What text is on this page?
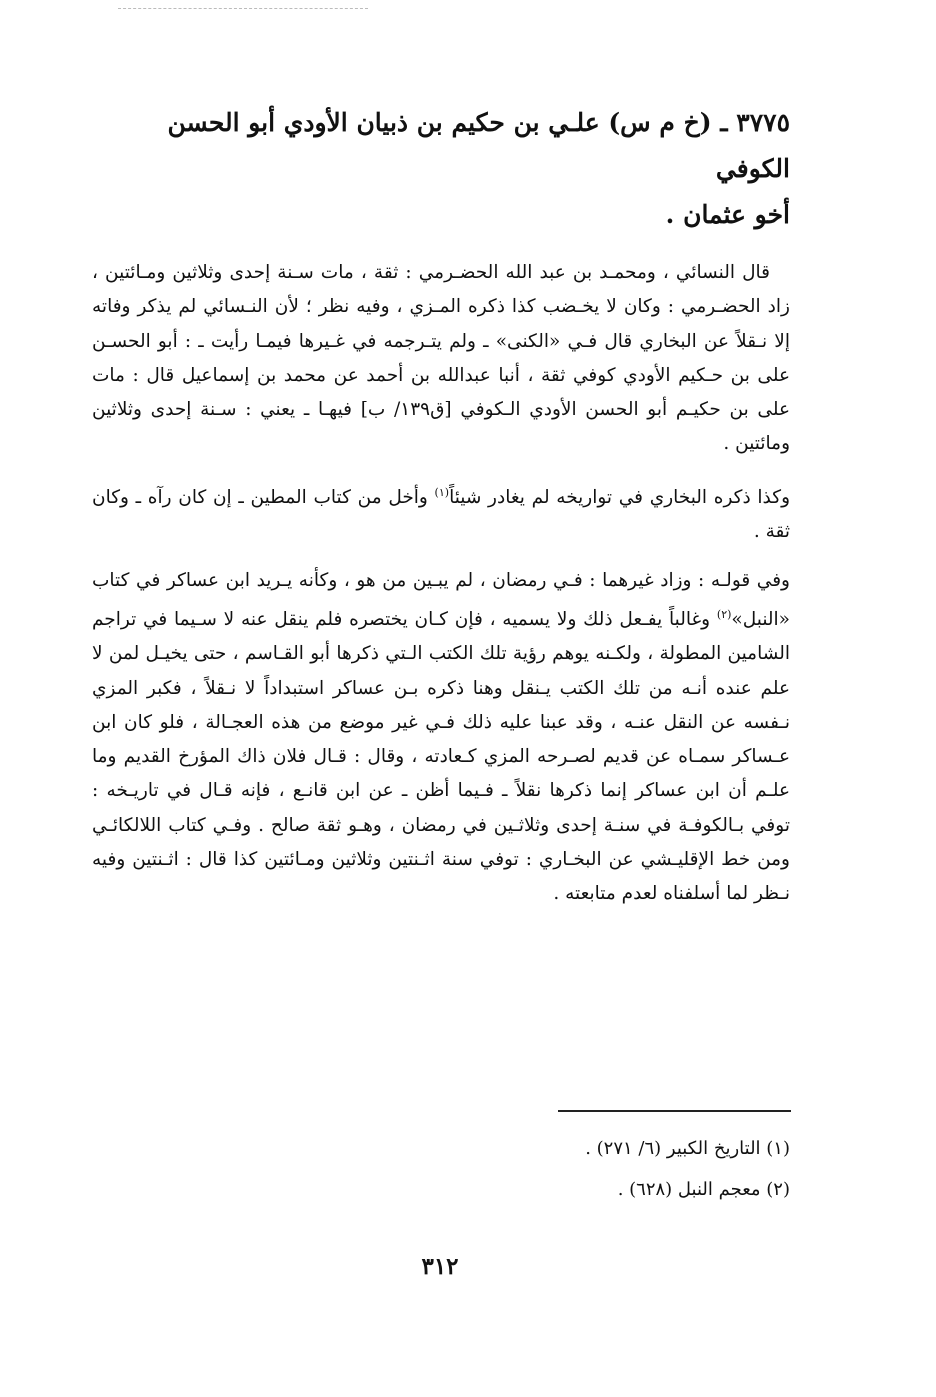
٣٧٧٥ ـ (خ م س) علـي بن حكيم بن ذبيان الأودي أبو الحسن الكوفي
أخو عثمان .

قال النسائي ، ومحمـد بن عبد الله الحضـرمي : ثقة ، مات سـنة إحدى وثلاثين ومـائتين ، زاد الحضـرمي : وكان لا يخـضب كذا ذكره المـزي ، وفيه نظر ؛ لأن النـسائي لم يذكر وفاته إلا نـقلاً عن البخاري قال فـي «الكنى» ـ ولم يتـرجمه في غـيرها فيمـا رأيت ـ : أبو الحسـن على بن حـكيم الأودي كوفي ثقة ، أنبا عبدالله بن أحمد عن محمد بن إسماعيل قال : مات على بن حكيـم أبو الحسن الأودي الـكوفي [ق١٣٩/ ب] فيهـا ـ يعني : سـنة إحدى وثلاثين ومائتين .

وكذا ذكره البخاري في تواريخه لم يغادر شيئاً$^{(١)}$ وأخل من كتاب المطين ـ إن كان رآه ـ وكان ثقة .

وفي قولـه : وزاد غيرهما : فـي رمضان ، لم يبـين من هو ، وكأنه يـريد ابن عساكر في كتاب «النبل»$^{(٢)}$ وغالباً يفـعل ذلك ولا يسميه ، فإن كـان يختصره فلم ينقل عنه لا سـيما في تراجم الشامين المطولة ، ولكـنه يوهم رؤية تلك الكتب الـتي ذكرها أبو القـاسم ، حتى يخيـل لمن لا علم عنده أنـه من تلك الكتب يـنقل وهنا ذكره بـن عساكر استبداداً لا نـقلاً ، فكبر المزي نـفسه عن النقل عنـه ، وقد عبنا عليه ذلك فـي غير موضع من هذه العجـالة ، فلو كان ابن عـساكر سمـاه عن قديم لصـرحه المزي كـعادته ، وقال : قـال فلان ذاك المؤرخ القديم وما علـم أن ابن عساكر إنما ذكرها نقلاً ـ فـيما أظن ـ عن ابن قانـع ، فإنه قـال في تاريـخه : توفي بـالكوفـة في سنـة إحدى وثلاثـين في رمضان ، وهـو ثقة صالح . وفـي كتاب اللالكائـي ومن خط الإقليـشي عن البخـاري : توفي سنة اثـنتين وثلاثين ومـائتين كذا قال : اثـنتين وفيه نـظر لما أسلفناه لعدم متابعته .

(١) التاريخ الكبير (٦/ ٢٧١) .

(٢) معجم النبل (٦٢٨) .

٣١٢
